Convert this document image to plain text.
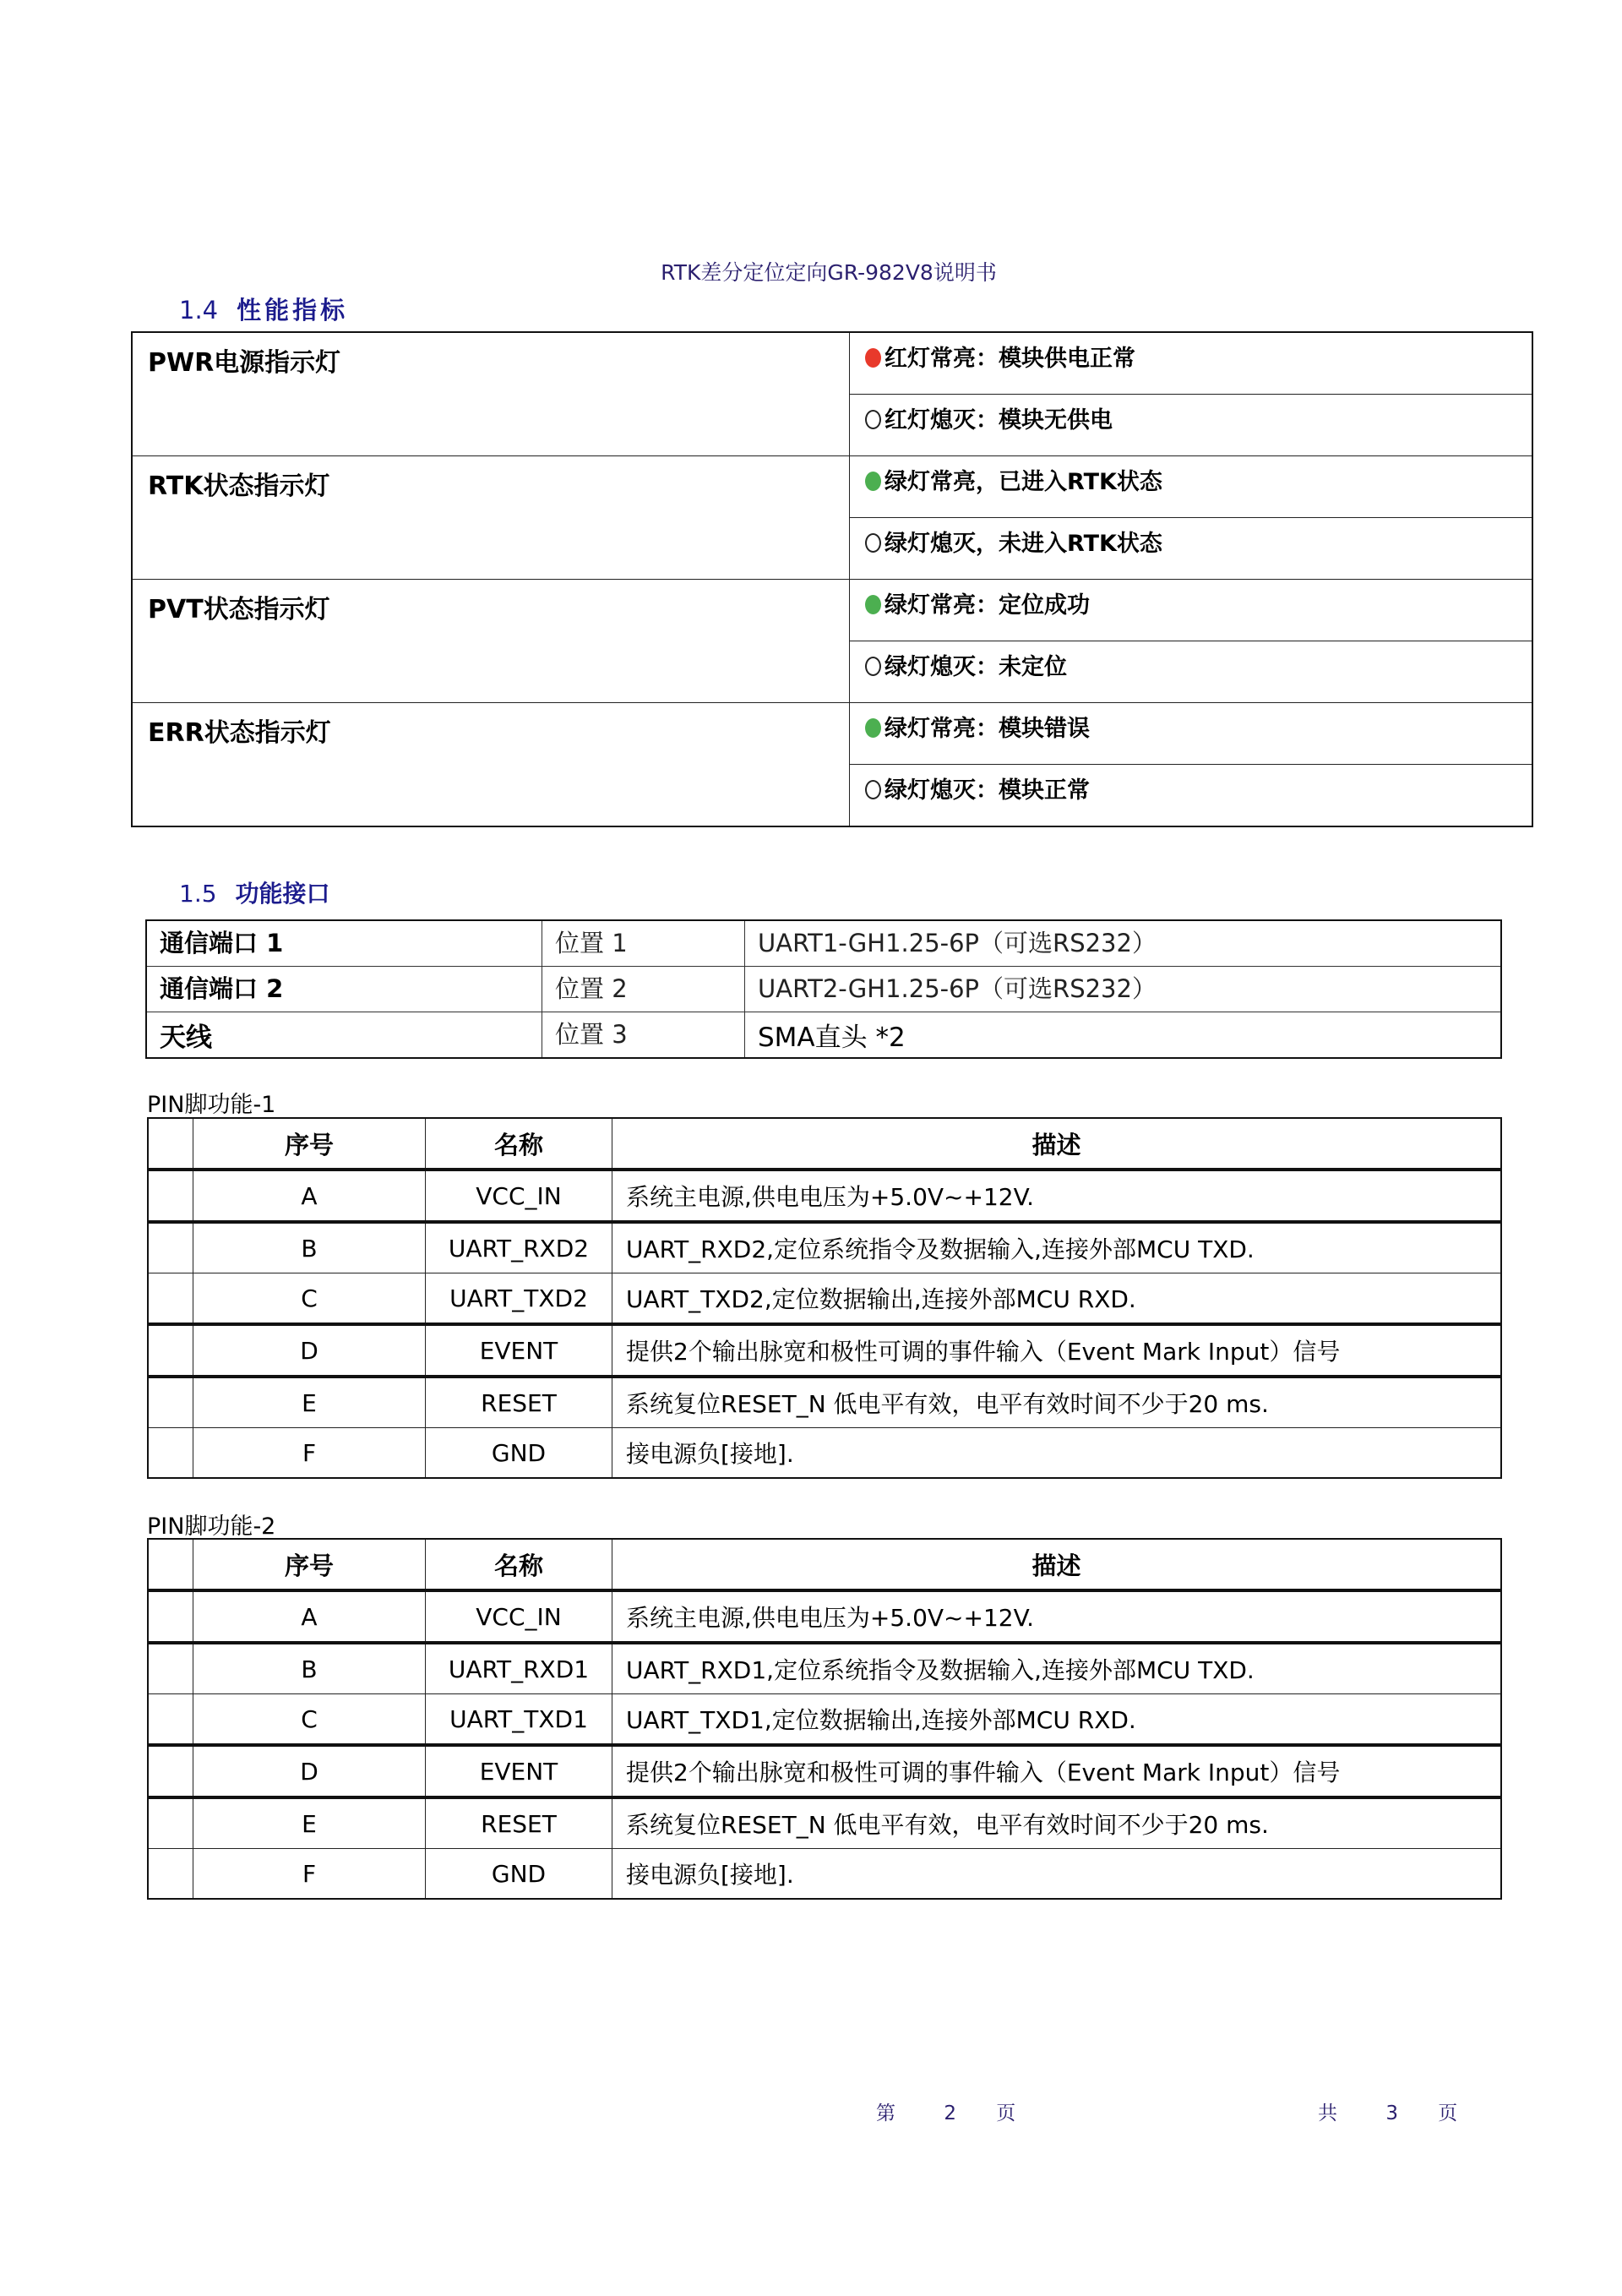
RTK差分定位定向GR-982V8说明书
1.4 性能指标
PWR电源指示灯	红灯常亮：模块供电正常
	红灯熄灭：模块无供电
RTK状态指示灯	绿灯常亮，已进入RTK状态
	绿灯熄灭，未进入RTK状态
PVT状态指示灯	绿灯常亮：定位成功
	绿灯熄灭：未定位
ERR状态指示灯	绿灯常亮：模块错误
	绿灯熄灭：模块正常
1.5 功能接口
通信端口 1	位置 1	UART1-GH1.25-6P（可选RS232）
通信端口 2	位置 2	UART2-GH1.25-6P（可选RS232）
天线	位置 3	SMA直头 *2
PIN脚功能-1
	序号	名称	描述
	A	VCC_IN	系统主电源,供电电压为+5.0V~+12V.
	B	UART_RXD2	UART_RXD2,定位系统指令及数据输入,连接外部MCU TXD.
	C	UART_TXD2	UART_TXD2,定位数据输出,连接外部MCU RXD.
	D	EVENT	提供2个输出脉宽和极性可调的事件输入（Event Mark Input）信号
	E	RESET	系统复位RESET_N 低电平有效，电平有效时间不少于20 ms.
	F	GND	接电源负[接地].
PIN脚功能-2
	序号	名称	描述
	A	VCC_IN	系统主电源,供电电压为+5.0V~+12V.
	B	UART_RXD1	UART_RXD1,定位系统指令及数据输入,连接外部MCU TXD.
	C	UART_TXD1	UART_TXD1,定位数据输出,连接外部MCU RXD.
	D	EVENT	提供2个输出脉宽和极性可调的事件输入（Event Mark Input）信号
	E	RESET	系统复位RESET_N 低电平有效，电平有效时间不少于20 ms.
	F	GND	接电源负[接地].
第 2 页	共 3 页
